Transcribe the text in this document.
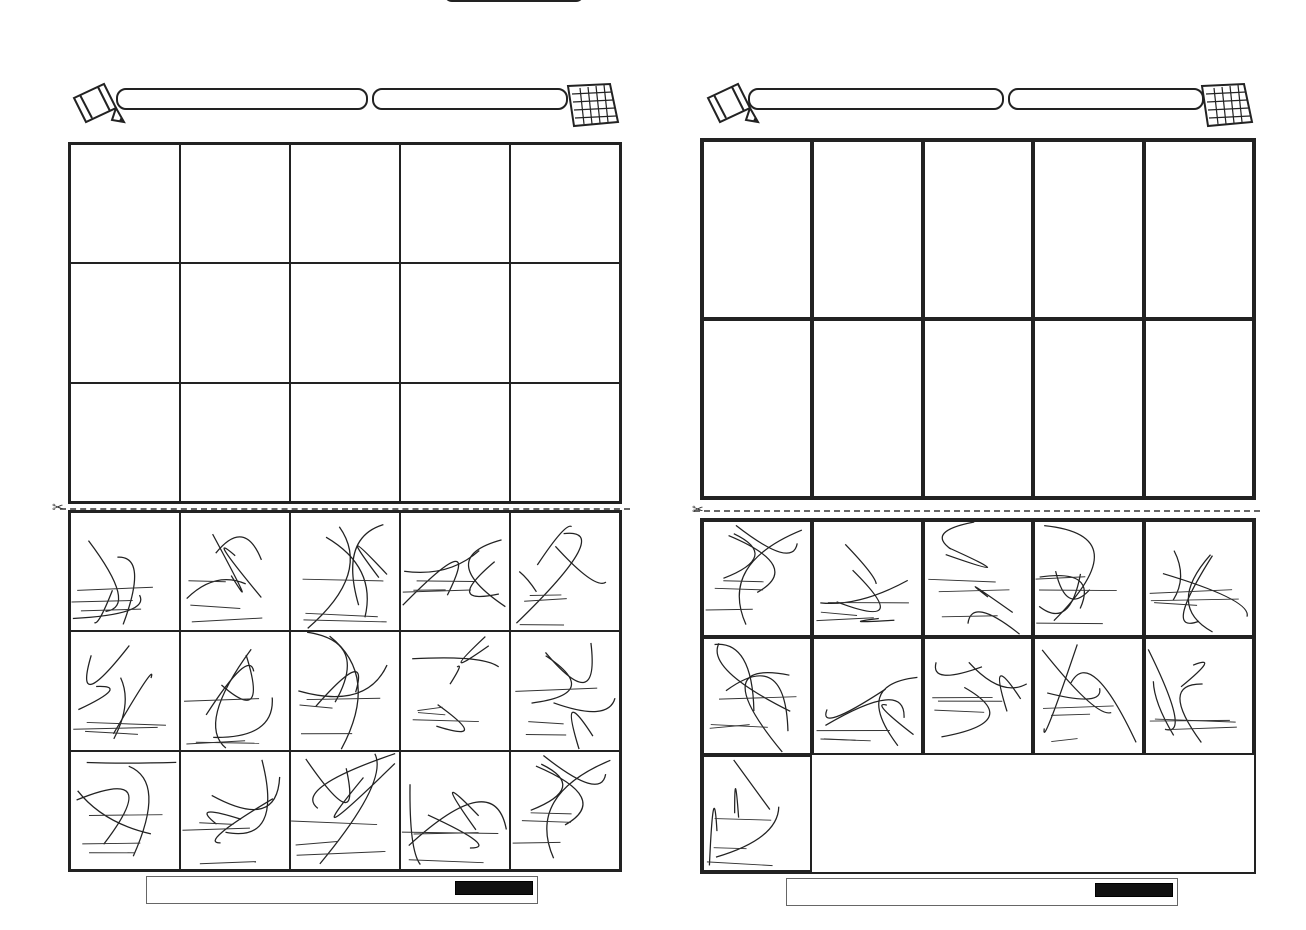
✂	✂
